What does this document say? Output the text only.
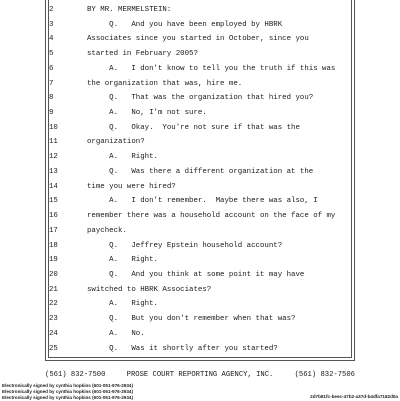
2	BY MR. MERMELSTEIN:
3	Q.   And you have been employed by HBRK
4	Associates since you started in October, since you
5	started in February 2005?
6	A.   I don't know to tell you the truth if this was
7	the organization that was, hire me.
8	Q.   That was the organization that hired you?
9	A.   No, I'm not sure.
10	Q.   Okay.  You're not sure if that was the
11	organization?
12	A.   Right.
13	Q.   Was there a different organization at the
14	time you were hired?
15	A.   I don't remember.  Maybe there was also, I
16	remember there was a household account on the face of my
17	paycheck.
18	Q.   Jeffrey Epstein household account?
19	A.   Right.
20	Q.   And you think at some point it may have
21	switched to HBRK Associates?
22	A.   Right.
23	Q.   But you don't remember when that was?
24	A.   No.
25	Q.   Was it shortly after you started?
(561) 832-7500	PROSE COURT REPORTING AGENCY, INC.	(561) 832-7506
Electronically signed by cynthia hopkins (601-051-976-2934)
Electronically signed by cynthia hopkins (601-051-976-2934)
Electronically signed by cynthia hopkins (601-051-976-2934)	2d7b81fc-beec-47b2-a37d-b4dfa7182d0a
